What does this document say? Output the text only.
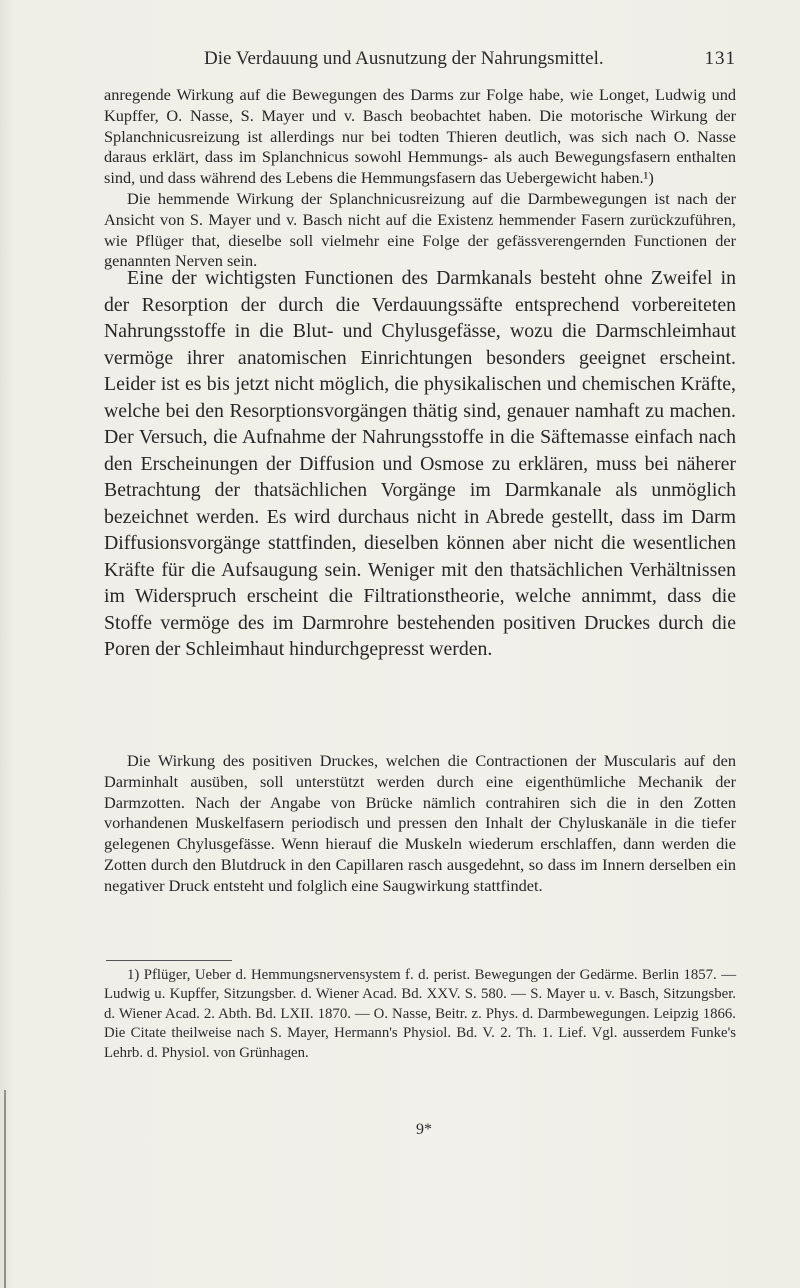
Die Verdauung und Ausnutzung der Nahrungsmittel.	131

anregende Wirkung auf die Bewegungen des Darms zur Folge habe, wie Longet, Ludwig und Kupffer, O. Nasse, S. Mayer und v. Basch beobachtet haben. Die motorische Wirkung der Splanchnicusreizung ist allerdings nur bei todten Thieren deutlich, was sich nach O. Nasse daraus erklärt, dass im Splanchnicus sowohl Hemmungs- als auch Bewegungsfasern enthalten sind, und dass während des Lebens die Hemmungsfasern das Uebergewicht haben.¹)

Die hemmende Wirkung der Splanchnicusreizung auf die Darmbewegungen ist nach der Ansicht von S. Mayer und v. Basch nicht auf die Existenz hemmender Fasern zurückzuführen, wie Pflüger that, dieselbe soll vielmehr eine Folge der gefässverengernden Functionen der genannten Nerven sein.

Eine der wichtigsten Functionen des Darmkanals besteht ohne Zweifel in der Resorption der durch die Verdauungssäfte entsprechend vorbereiteten Nahrungsstoffe in die Blut- und Chylusgefässe, wozu die Darmschleimhaut vermöge ihrer anatomischen Einrichtungen besonders geeignet erscheint. Leider ist es bis jetzt nicht möglich, die physikalischen und chemischen Kräfte, welche bei den Resorptionsvorgängen thätig sind, genauer namhaft zu machen. Der Versuch, die Aufnahme der Nahrungsstoffe in die Säftemasse einfach nach den Erscheinungen der Diffusion und Osmose zu erklären, muss bei näherer Betrachtung der thatsächlichen Vorgänge im Darmkanale als unmöglich bezeichnet werden. Es wird durchaus nicht in Abrede gestellt, dass im Darm Diffusionsvorgänge stattfinden, dieselben können aber nicht die wesentlichen Kräfte für die Aufsaugung sein. Weniger mit den thatsächlichen Verhältnissen im Widerspruch erscheint die Filtrationstheorie, welche annimmt, dass die Stoffe vermöge des im Darmrohre bestehenden positiven Druckes durch die Poren der Schleimhaut hindurchgepresst werden.

Die Wirkung des positiven Druckes, welchen die Contractionen der Muscularis auf den Darminhalt ausüben, soll unterstützt werden durch eine eigenthümliche Mechanik der Darmzotten. Nach der Angabe von Brücke nämlich contrahiren sich die in den Zotten vorhandenen Muskelfasern periodisch und pressen den Inhalt der Chyluskanäle in die tiefer gelegenen Chylusgefässe. Wenn hierauf die Muskeln wiederum erschlaffen, dann werden die Zotten durch den Blutdruck in den Capillaren rasch ausgedehnt, so dass im Innern derselben ein negativer Druck entsteht und folglich eine Saugwirkung stattfindet.

1) Pflüger, Ueber d. Hemmungsnervensystem f. d. perist. Bewegungen der Gedärme. Berlin 1857. — Ludwig u. Kupffer, Sitzungsber. d. Wiener Acad. Bd. XXV. S. 580. — S. Mayer u. v. Basch, Sitzungsber. d. Wiener Acad. 2. Abth. Bd. LXII. 1870. — O. Nasse, Beitr. z. Phys. d. Darmbewegungen. Leipzig 1866. Die Citate theilweise nach S. Mayer, Hermann's Physiol. Bd. V. 2. Th. 1. Lief. Vgl. ausserdem Funke's Lehrb. d. Physiol. von Grünhagen.

9*
